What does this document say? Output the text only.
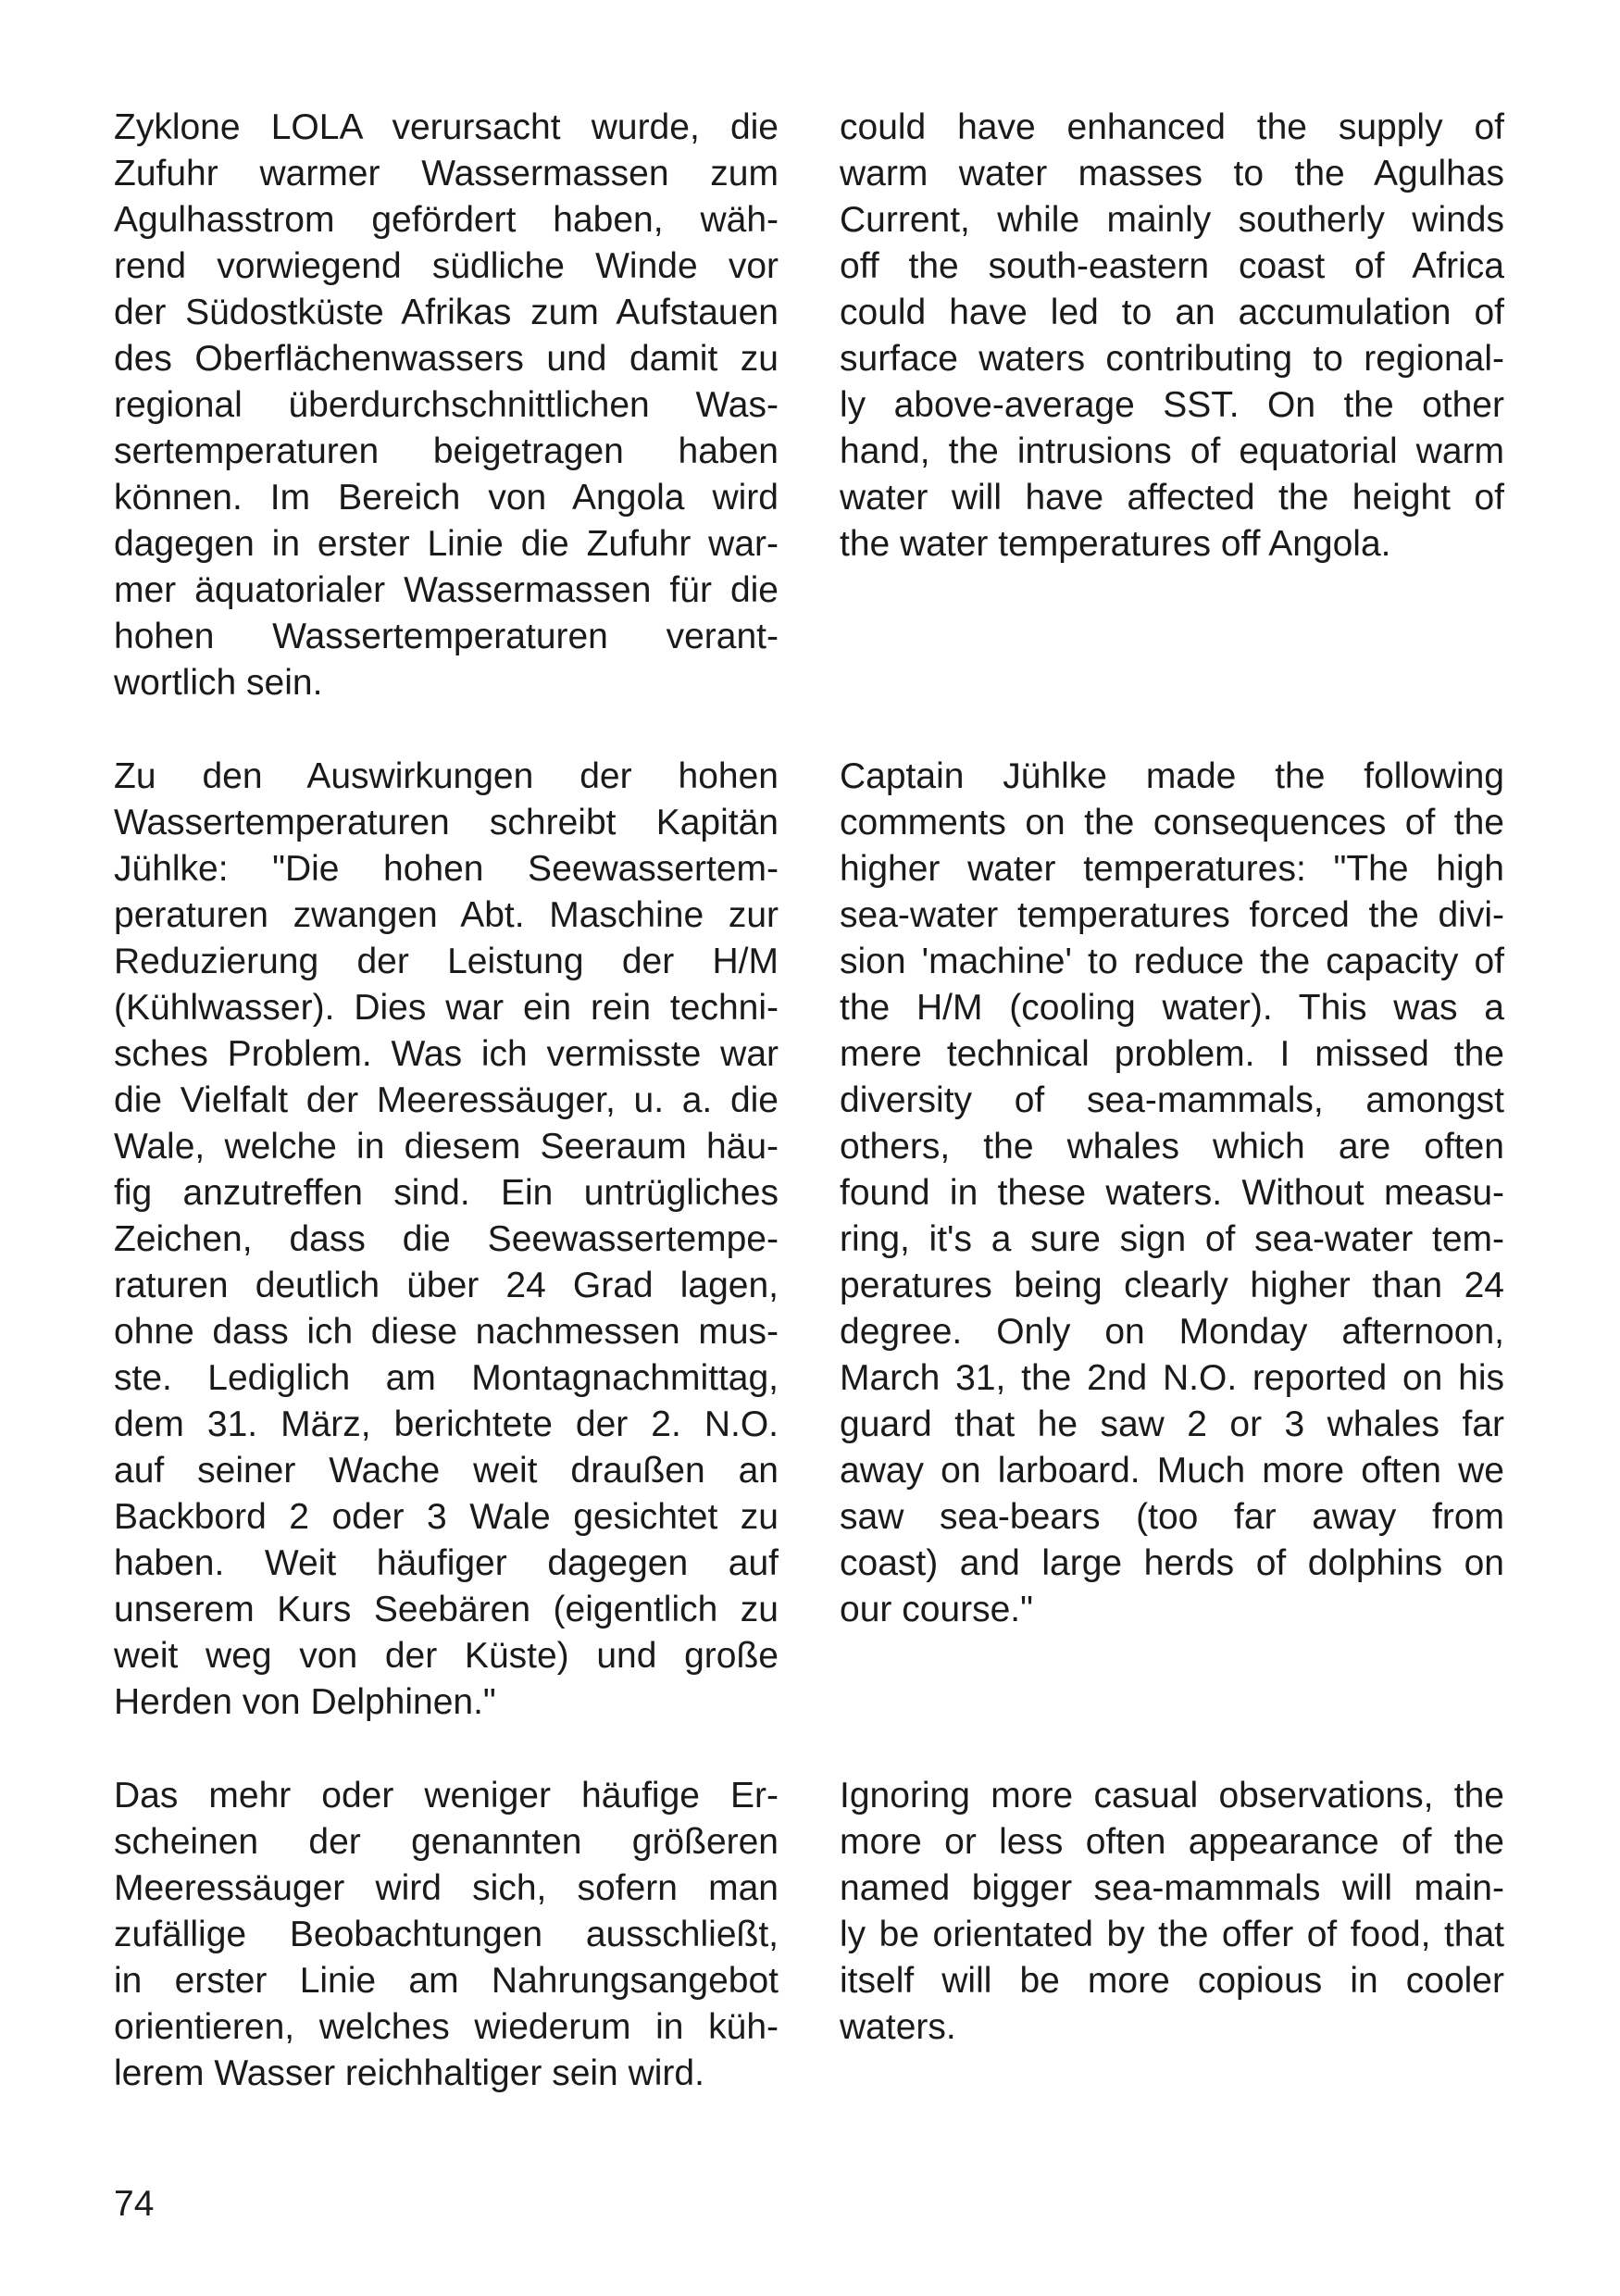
Zyklone LOLA verursacht wurde, die
Zufuhr warmer Wassermassen zum
Agulhasstrom gefördert haben, wäh-
rend vorwiegend südliche Winde vor
der Südostküste Afrikas zum Aufstauen
des Oberflächenwassers und damit zu
regional überdurchschnittlichen Was-
sertemperaturen beigetragen haben
können. Im Bereich von Angola wird
dagegen in erster Linie die Zufuhr war-
mer äquatorialer Wassermassen für die
hohen Wassertemperaturen verant-
wortlich sein.
Zu den Auswirkungen der hohen
Wassertemperaturen schreibt Kapitän
Jühlke: "Die hohen Seewassertem-
peraturen zwangen Abt. Maschine zur
Reduzierung der Leistung der H/M
(Kühlwasser). Dies war ein rein techni-
sches Problem. Was ich vermisste war
die Vielfalt der Meeressäuger, u. a. die
Wale, welche in diesem Seeraum häu-
fig anzutreffen sind. Ein untrügliches
Zeichen, dass die Seewassertempe-
raturen deutlich über 24 Grad lagen,
ohne dass ich diese nachmessen mus-
ste. Lediglich am Montagnachmittag,
dem 31. März, berichtete der 2. N.O.
auf seiner Wache weit draußen an
Backbord 2 oder 3 Wale gesichtet zu
haben. Weit häufiger dagegen auf
unserem Kurs Seebären (eigentlich zu
weit weg von der Küste) und große
Herden von Delphinen."
Das mehr oder weniger häufige Er-
scheinen der genannten größeren
Meeressäuger wird sich, sofern man
zufällige Beobachtungen ausschließt,
in erster Linie am Nahrungsangebot
orientieren, welches wiederum in küh-
lerem Wasser reichhaltiger sein wird.
could have enhanced the supply of
warm water masses to the Agulhas
Current, while mainly southerly winds
off the south-eastern coast of Africa
could have led to an accumulation of
surface waters contributing to regional-
ly above-average SST. On the other
hand, the intrusions of equatorial warm
water will have affected the height of
the water temperatures off Angola.
Captain Jühlke made the following
comments on the consequences of the
higher water temperatures: "The high
sea-water temperatures forced the divi-
sion 'machine' to reduce the capacity of
the H/M (cooling water). This was a
mere technical problem. I missed the
diversity of sea-mammals, amongst
others, the whales which are often
found in these waters. Without measu-
ring, it's a sure sign of sea-water tem-
peratures being clearly higher than 24
degree. Only on Monday afternoon,
March 31, the 2nd N.O. reported on his
guard that he saw 2 or 3 whales far
away on larboard. Much more often we
saw sea-bears (too far away from
coast) and large herds of dolphins on
our course."
Ignoring more casual observations, the
more or less often appearance of the
named bigger sea-mammals will main-
ly be orientated by the offer of food, that
itself will be more copious in cooler
waters.

74
